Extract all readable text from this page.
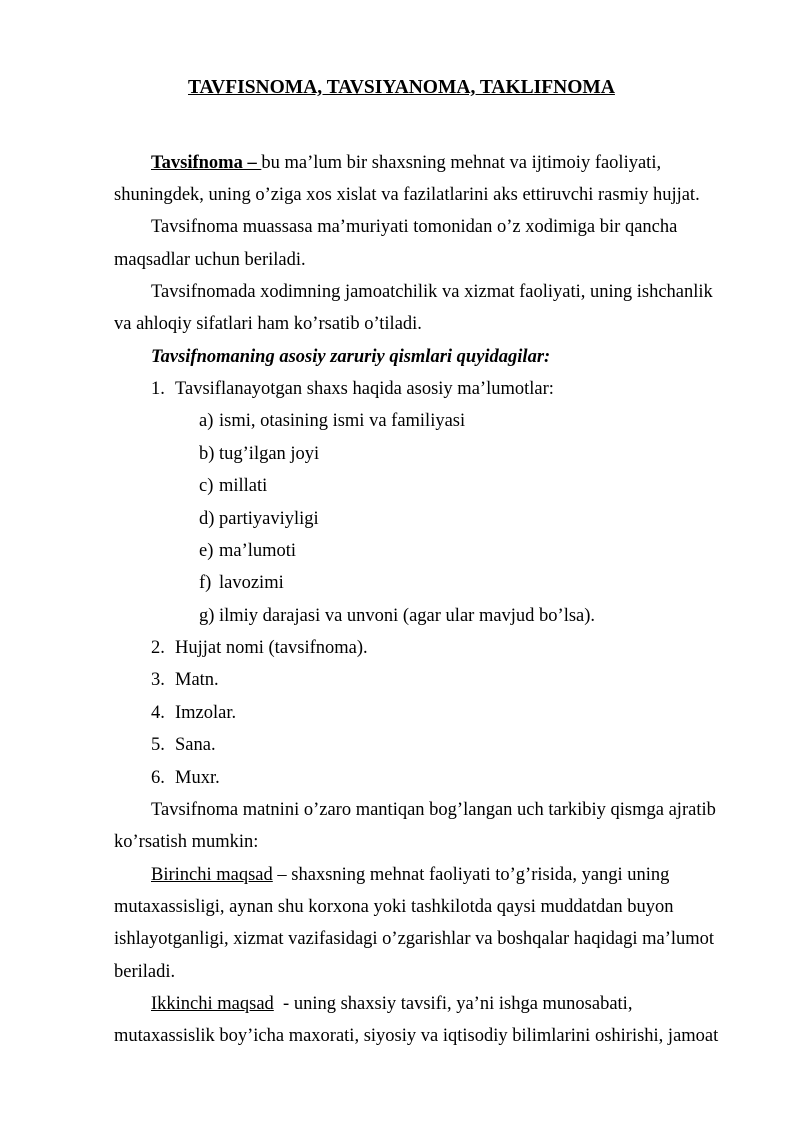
TAVFISNOMA, TAVSIYANOMA, TAKLIFNOMA
Tavsifnoma – bu ma’lum bir shaxsning mehnat va ijtimoiy faoliyati,
shuningdek, uning o’ziga xos xislat va fazilatlarini aks ettiruvchi rasmiy hujjat.
Tavsifnoma muassasa ma’muriyati tomonidan o’z xodimiga bir qancha
maqsadlar uchun beriladi.
Tavsifnomada xodimning jamoatchilik va xizmat faoliyati, uning ishchanlik
va ahloqiy sifatlari ham ko’rsatib o’tiladi.
Tavsifnomaning asosiy zaruriy qismlari quyidagilar:
1. Tavsiflanayotgan shaxs haqida asosiy ma’lumotlar:
a) ismi, otasining ismi va familiyasi
b) tug’ilgan joyi
c) millati
d) partiyaviyligi
e) ma’lumoti
f) lavozimi
g) ilmiy darajasi va unvoni (agar ular mavjud bo’lsa).
2. Hujjat nomi (tavsifnoma).
3. Matn.
4. Imzolar.
5. Sana.
6. Muxr.
Tavsifnoma matnini o’zaro mantiqan bog’langan uch tarkibiy qismga ajratib
ko’rsatish mumkin:
Birinchi maqsad – shaxsning mehnat faoliyati to’g’risida, yangi uning
mutaxassisligi, aynan shu korxona yoki tashkilotda qaysi muddatdan buyon
ishlayotganligi, xizmat vazifasidagi o’zgarishlar va boshqalar haqidagi ma’lumot
beriladi.
Ikkinchi maqsad  - uning shaxsiy tavsifi, ya’ni ishga munosabati,
mutaxassislik boy’icha maxorati, siyosiy va iqtisodiy bilimlarini oshirishi, jamoat
